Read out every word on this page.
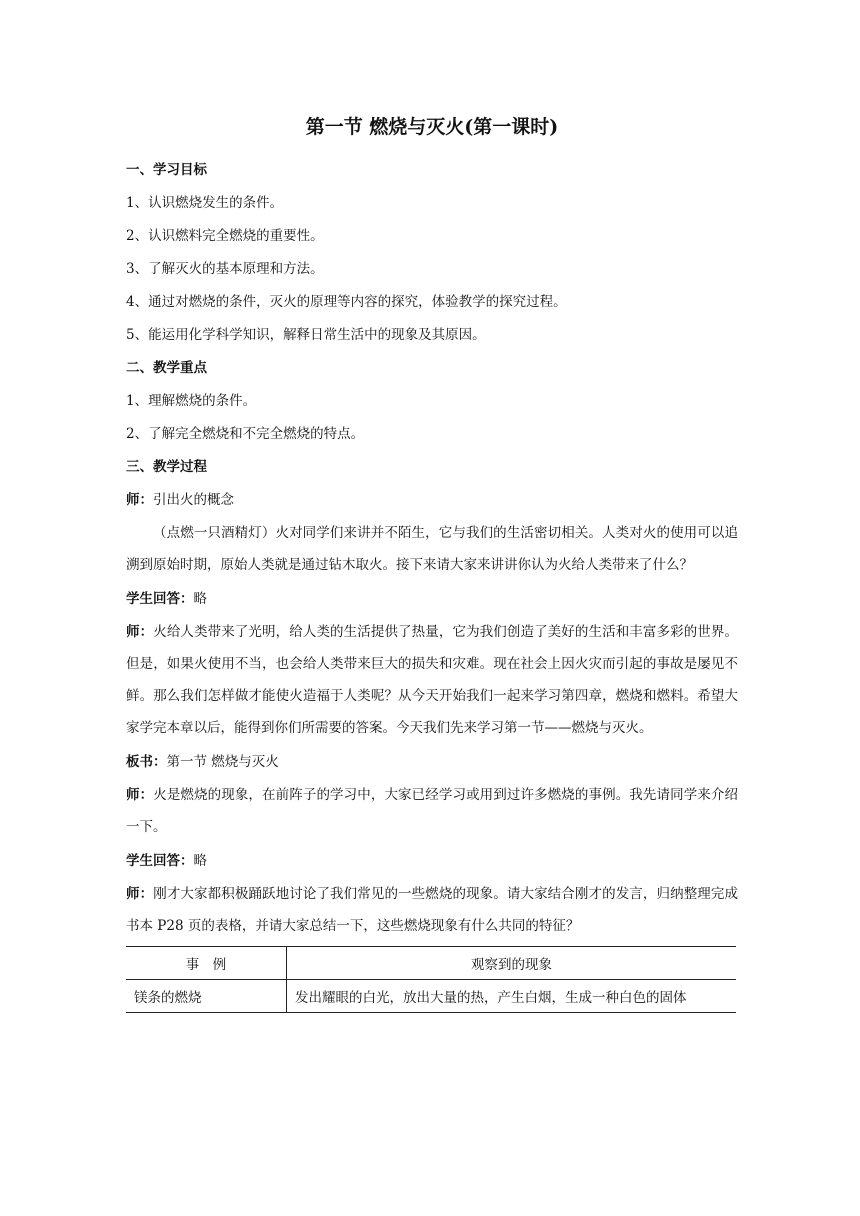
第一节 燃烧与灭火(第一课时)
一、学习目标
1、认识燃烧发生的条件。
2、认识燃料完全燃烧的重要性。
3、了解灭火的基本原理和方法。
4、通过对燃烧的条件，灭火的原理等内容的探究，体验教学的探究过程。
5、能运用化学科学知识，解释日常生活中的现象及其原因。
二、教学重点
1、理解燃烧的条件。
2、了解完全燃烧和不完全燃烧的特点。
三、教学过程
师：引出火的概念
（点燃一只酒精灯）火对同学们来讲并不陌生，它与我们的生活密切相关。人类对火的使用可以追溯到原始时期，原始人类就是通过钻木取火。接下来请大家来讲讲你认为火给人类带来了什么？
学生回答：略
师：火给人类带来了光明，给人类的生活提供了热量，它为我们创造了美好的生活和丰富多彩的世界。但是，如果火使用不当，也会给人类带来巨大的损失和灾难。现在社会上因火灾而引起的事故是屡见不鲜。那么我们怎样做才能使火造福于人类呢？从今天开始我们一起来学习第四章，燃烧和燃料。希望大家学完本章以后，能得到你们所需要的答案。今天我们先来学习第一节——燃烧与灭火。
板书：第一节 燃烧与灭火
师：火是燃烧的现象，在前阵子的学习中，大家已经学习或用到过许多燃烧的事例。我先请同学来介绍一下。
学生回答：略
师：刚才大家都积极踊跃地讨论了我们常见的一些燃烧的现象。请大家结合刚才的发言，归纳整理完成书本 P28 页的表格，并请大家总结一下，这些燃烧现象有什么共同的特征？
事　例	观察到的现象
镁条的燃烧	发出耀眼的白光，放出大量的热，产生白烟，生成一种白色的固体
